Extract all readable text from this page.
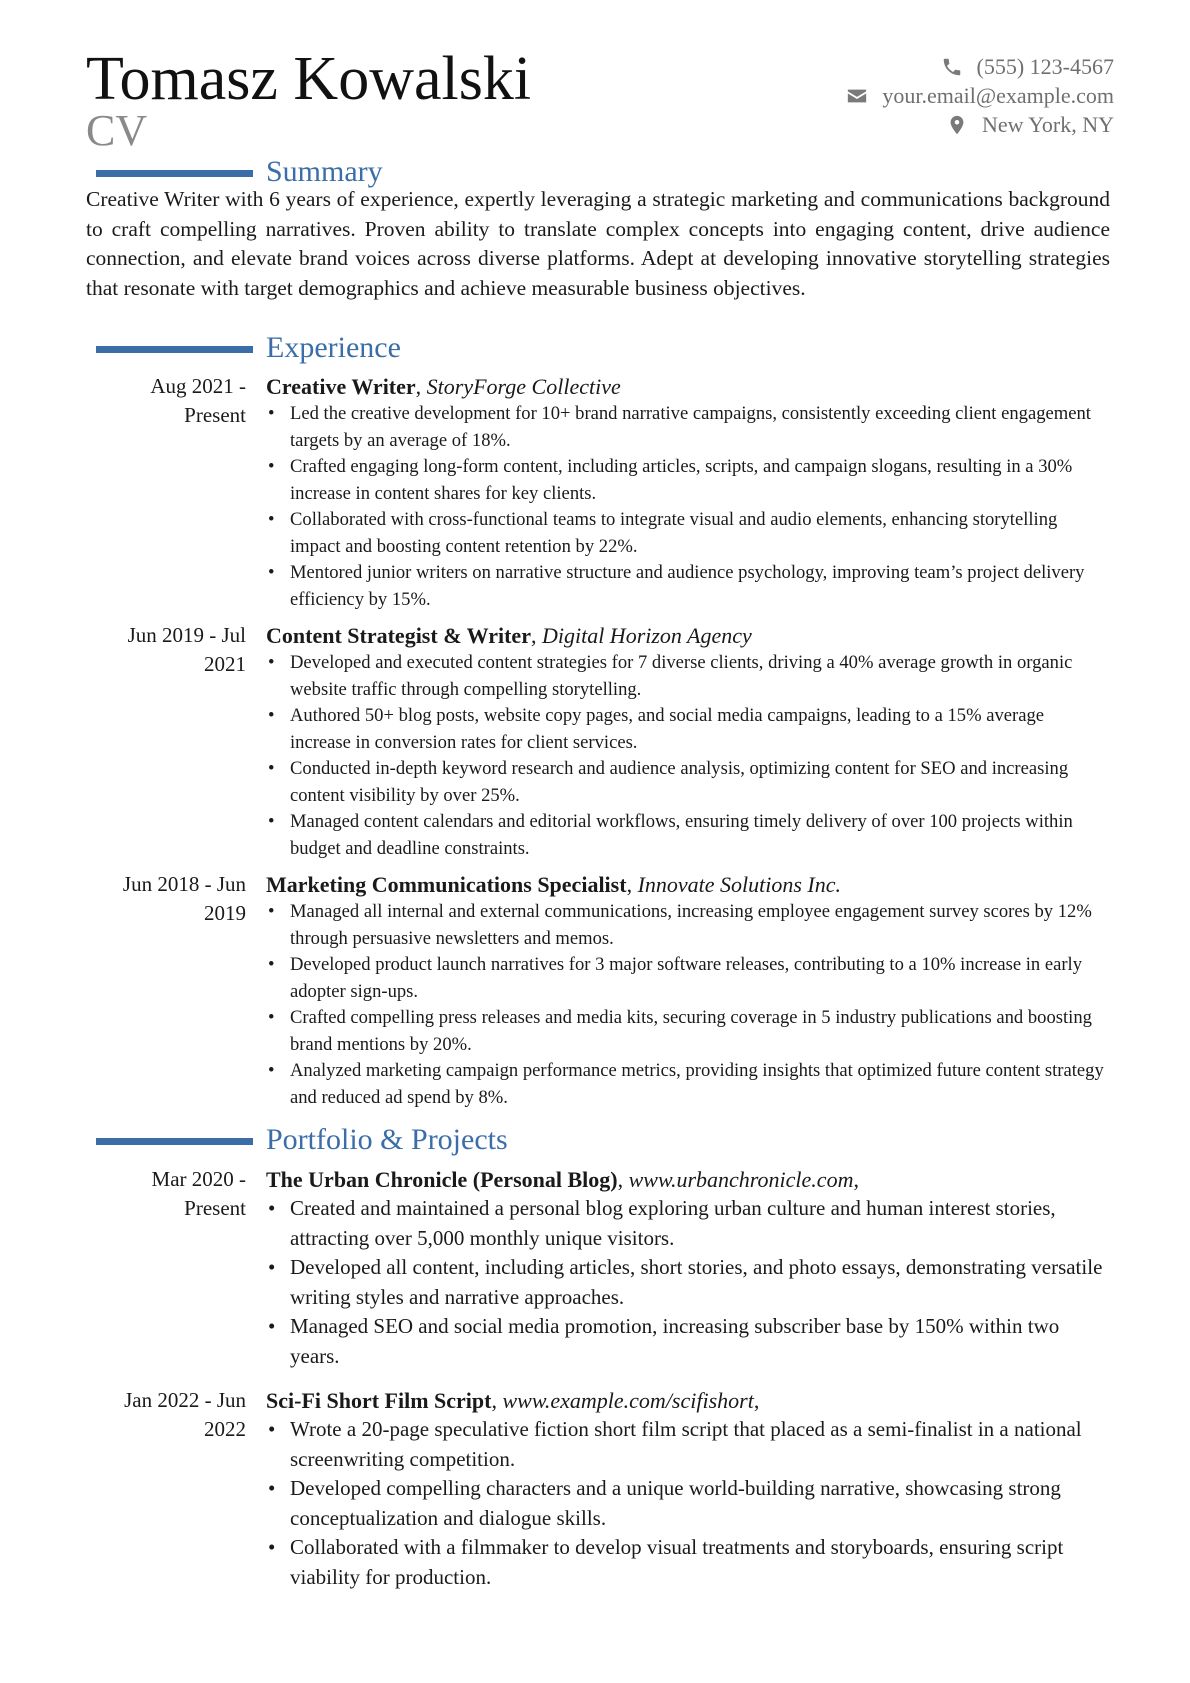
Tomasz Kowalski
CV
(555) 123-4567
your.email@example.com
New York, NY
Summary
Creative Writer with 6 years of experience, expertly leveraging a strategic marketing and communications background to craft compelling narratives. Proven ability to translate complex concepts into engaging content, drive audience connection, and elevate brand voices across diverse platforms. Adept at developing innovative storytelling strategies that resonate with target demographics and achieve measurable business objectives.
Experience
Aug 2021 - Present
Creative Writer, StoryForge Collective
• Led the creative development for 10+ brand narrative campaigns, consistently exceeding client engagement targets by an average of 18%.
• Crafted engaging long-form content, including articles, scripts, and campaign slogans, resulting in a 30% increase in content shares for key clients.
• Collaborated with cross-functional teams to integrate visual and audio elements, enhancing storytelling impact and boosting content retention by 22%.
• Mentored junior writers on narrative structure and audience psychology, improving team’s project delivery efficiency by 15%.
Jun 2019 - Jul 2021
Content Strategist & Writer, Digital Horizon Agency
• Developed and executed content strategies for 7 diverse clients, driving a 40% average growth in organic website traffic through compelling storytelling.
• Authored 50+ blog posts, website copy pages, and social media campaigns, leading to a 15% average increase in conversion rates for client services.
• Conducted in-depth keyword research and audience analysis, optimizing content for SEO and increasing content visibility by over 25%.
• Managed content calendars and editorial workflows, ensuring timely delivery of over 100 projects within budget and deadline constraints.
Jun 2018 - Jun 2019
Marketing Communications Specialist, Innovate Solutions Inc.
• Managed all internal and external communications, increasing employee engagement survey scores by 12% through persuasive newsletters and memos.
• Developed product launch narratives for 3 major software releases, contributing to a 10% increase in early adopter sign-ups.
• Crafted compelling press releases and media kits, securing coverage in 5 industry publications and boosting brand mentions by 20%.
• Analyzed marketing campaign performance metrics, providing insights that optimized future content strategy and reduced ad spend by 8%.
Portfolio & Projects
Mar 2020 - Present
The Urban Chronicle (Personal Blog), www.urbanchronicle.com,
• Created and maintained a personal blog exploring urban culture and human interest stories, attracting over 5,000 monthly unique visitors.
• Developed all content, including articles, short stories, and photo essays, demonstrating versatile writing styles and narrative approaches.
• Managed SEO and social media promotion, increasing subscriber base by 150% within two years.
Jan 2022 - Jun 2022
Sci-Fi Short Film Script, www.example.com/scifishort,
• Wrote a 20-page speculative fiction short film script that placed as a semi-finalist in a national screenwriting competition.
• Developed compelling characters and a unique world-building narrative, showcasing strong conceptualization and dialogue skills.
• Collaborated with a filmmaker to develop visual treatments and storyboards, ensuring script viability for production.
